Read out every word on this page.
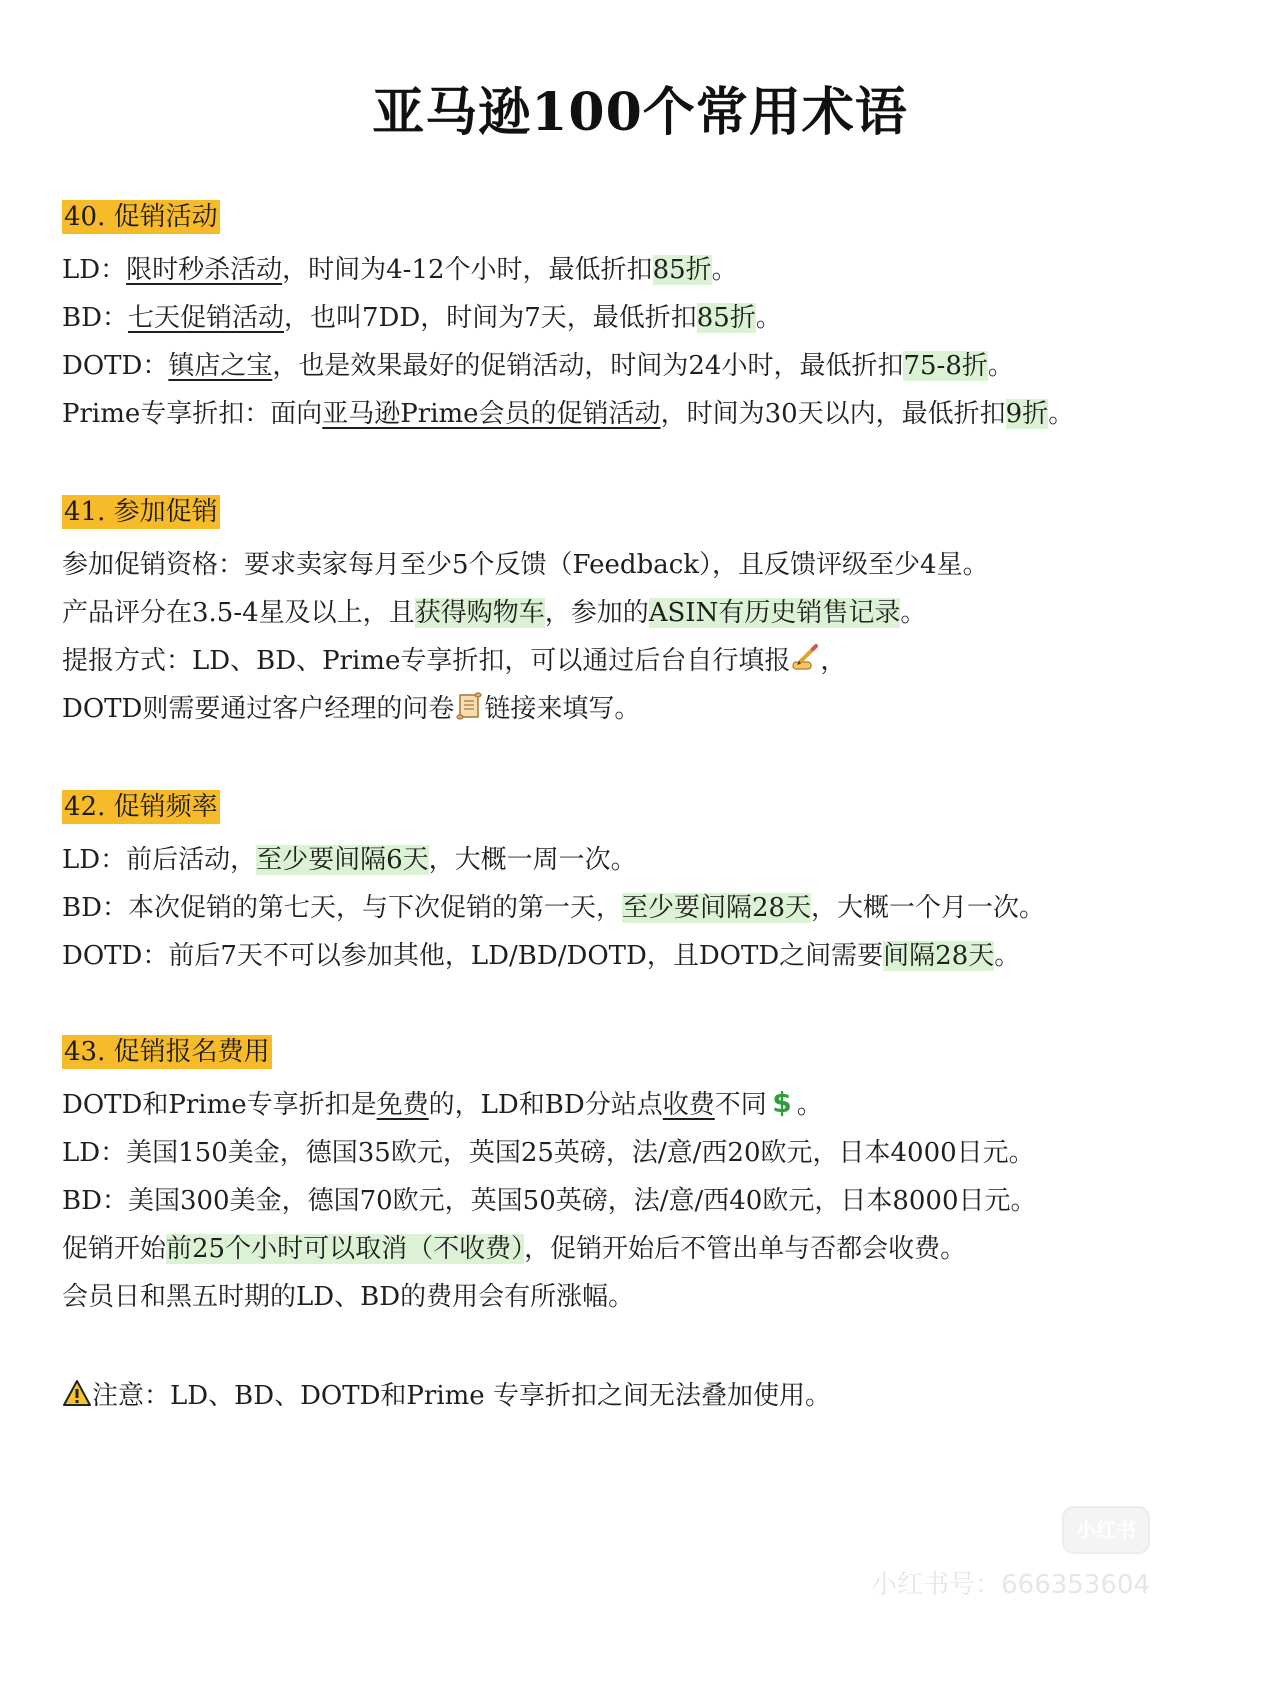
亚马逊100个常用术语
40. 促销活动
LD：限时秒杀活动，时间为4-12个小时，最低折扣85折。
BD：七天促销活动，也叫7DD，时间为7天，最低折扣85折。
DOTD：镇店之宝，也是效果最好的促销活动，时间为24小时，最低折扣75-8折。
Prime专享折扣：面向亚马逊Prime会员的促销活动，时间为30天以内，最低折扣9折。
41. 参加促销
参加促销资格：要求卖家每月至少5个反馈（Feedback），且反馈评级至少4星。
产品评分在3.5-4星及以上，且获得购物车，参加的ASIN有历史销售记录。
提报方式：LD、BD、Prime专享折扣，可以通过后台自行填报 ，
DOTD则需要通过客户经理的问卷 链接来填写。
42. 促销频率
LD：前后活动，至少要间隔6天，大概一周一次。
BD：本次促销的第七天，与下次促销的第一天，至少要间隔28天，大概一个月一次。
DOTD：前后7天不可以参加其他，LD/BD/DOTD，且DOTD之间需要间隔28天。
43. 促销报名费用
DOTD和Prime专享折扣是免费的，LD和BD分站点收费不同 $ 。
LD：美国150美金，德国35欧元，英国25英磅，法/意/西20欧元，日本4000日元。
BD：美国300美金，德国70欧元，英国50英磅，法/意/西40欧元，日本8000日元。
促销开始前25个小时可以取消（不收费），促销开始后不管出单与否都会收费。
会员日和黑五时期的LD、BD的费用会有所涨幅。
注意：LD、BD、DOTD和Prime 专享折扣之间无法叠加使用。
小红书
小红书号：666353604
